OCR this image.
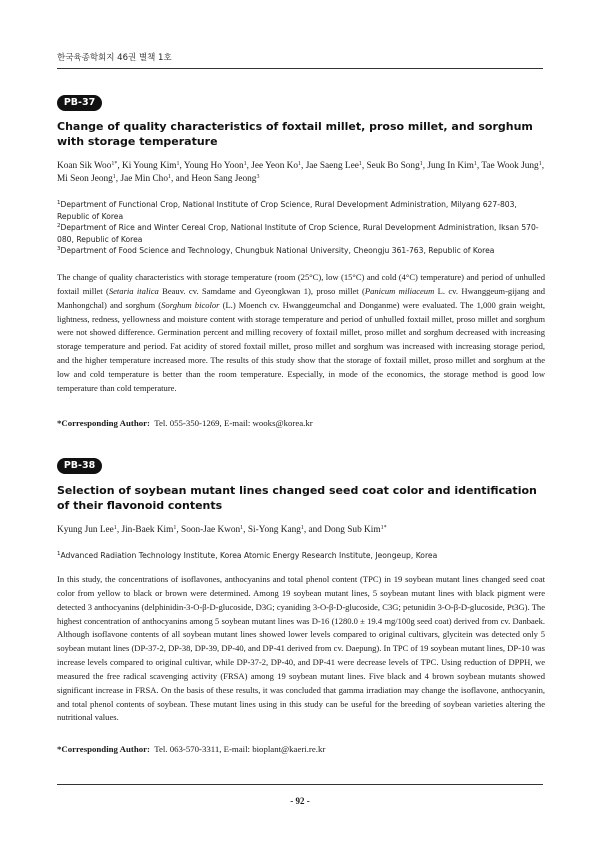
한국육종학회지 46권 별책 1호
PB-37
Change of quality characteristics of foxtail millet, proso millet, and sorghum with storage temperature
Koan Sik Woo$^{1*}$, Ki Young Kim$^1$, Young Ho Yoon$^1$, Jee Yeon Ko$^1$, Jae Saeng Lee$^1$, Seuk Bo Song$^1$, Jung In Kim$^1$, Tae Wook Jung$^1$, Mi Seon Jeong$^1$, Jae Min Cho$^1$, and Heon Sang Jeong$^3$
$^1$Department of Functional Crop, National Institute of Crop Science, Rural Development Administration, Milyang 627-803, Republic of Korea
$^2$Department of Rice and Winter Cereal Crop, National Institute of Crop Science, Rural Development Administration, Iksan 570-080, Republic of Korea
$^3$Department of Food Science and Technology, Chungbuk National University, Cheongju 361-763, Republic of Korea
The change of quality characteristics with storage temperature (room (25°C), low (15°C) and cold (4°C) temperature) and period of unhulled foxtail millet (Setaria italica Beauv. cv. Samdame and Gyeongkwan 1), proso millet (Panicum miliaceum L. cv. Hwanggeum-gijang and Manhongchal) and sorghum (Sorghum bicolor (L.) Moench cv. Hwanggeumchal and Donganme) were evaluated. The 1,000 grain weight, lightness, redness, yellowness and moisture content with storage temperature and period of unhulled foxtail millet, proso millet and sorghum were not showed difference. Germination percent and milling recovery of foxtail millet, proso millet and sorghum decreased with increasing storage temperature and period. Fat acidity of stored foxtail millet, proso millet and sorghum was increased with increasing storage period, and the higher temperature increased more. The results of this study show that the storage of foxtail millet, proso millet and sorghum at the low and cold temperature is better than the room temperature. Especially, in mode of the economics, the storage method is good low temperature than cold temperature.
*Corresponding Author: Tel. 055-350-1269, E-mail: wooks@korea.kr
PB-38
Selection of soybean mutant lines changed seed coat color and identification of their flavonoid contents
Kyung Jun Lee$^1$, Jin-Baek Kim$^1$, Soon-Jae Kwon$^1$, Si-Yong Kang$^1$, and Dong Sub Kim$^{1*}$
$^1$Advanced Radiation Technology Institute, Korea Atomic Energy Research Institute, Jeongeup, Korea
In this study, the concentrations of isoflavones, anthocyanins and total phenol content (TPC) in 19 soybean mutant lines changed seed coat color from yellow to black or brown were determined. Among 19 soybean mutant lines, 5 soybean mutant lines with black pigment were detected 3 anthocyanins (delphinidin-3-O-β-D-glucoside, D3G; cyaniding 3-O-β-D-glucoside, C3G; petunidin 3-O-β-D-glucoside, Pt3G). The highest concentration of anthocyanins among 5 soybean mutant lines was D-16 (1280.0 ± 19.4 mg/100g seed coat) derived from cv. Danbaek. Although isoflavone contents of all soybean mutant lines showed lower levels compared to original cultivars, glycitein was detected only 5 soybean mutant lines (DP-37-2, DP-38, DP-39, DP-40, and DP-41 derived from cv. Daepung). In TPC of 19 soybean mutant lines, DP-10 was increase levels compared to original cultivar, while DP-37-2, DP-40, and DP-41 were decrease levels of TPC. Using reduction of DPPH, we measured the free radical scavenging activity (FRSA) among 19 soybean mutant lines. Five black and 4 brown soybean mutants showed significant increase in FRSA. On the basis of these results, it was concluded that gamma irradiation may change the isoflavone, anthocyanin, and total phenol contents of soybean. These mutant lines using in this study can be useful for the breeding of soybean varieties altering the nutritional values.
*Corresponding Author: Tel. 063-570-3311, E-mail: bioplant@kaeri.re.kr
- 92 -
